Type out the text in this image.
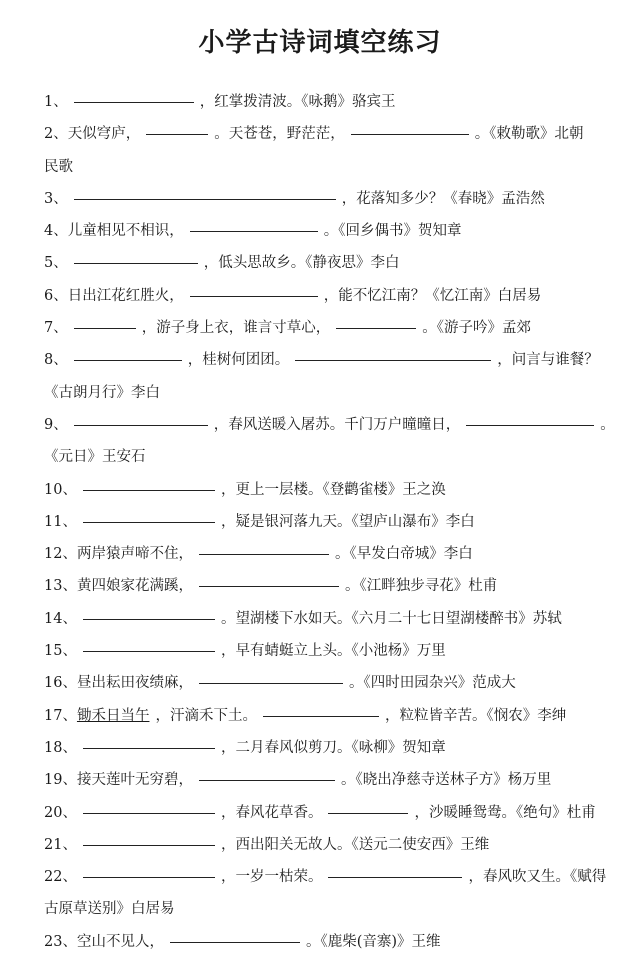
小学古诗词填空练习
1、	，红掌拨清波。《咏鹅》骆宾王
2、 天似穹庐，	。天苍苍，野茫茫，	。《敕勒歌》北朝
民歌
3、	，花落知多少？《春晓》孟浩然
4、 儿童相见不相识，	。《回乡偶书》贺知章
5、	，低头思故乡。《静夜思》李白
6、 日出江花红胜火，	，能不忆江南？《忆江南》白居易
7、	，游子身上衣，谁言寸草心，	。《游子吟》孟郊
8、	，桂树何团团。	，问言与谁餐？
《古朗月行》李白
9、	，春风送暖入屠苏。千门万户曈曈日，	。
《元日》王安石
10、	，更上一层楼。《登鹳雀楼》王之涣
11、	，疑是银河落九天。《望庐山瀑布》李白
12、 两岸猿声啼不住，	。《早发白帝城》李白
13、 黄四娘家花满蹊，	。《江畔独步寻花》杜甫
14、	。望湖楼下水如天。《六月二十七日望湖楼醉书》苏轼
15、	，早有蜻蜓立上头。《小池杨》万里
16、 昼出耘田夜绩麻，	。《四时田园杂兴》范成大
17、 锄禾日当午 ，汗滴禾下土。	，粒粒皆辛苦。《悯农》李绅
18、	，二月春风似剪刀。《咏柳》贺知章
19、 接天莲叶无穷碧，	。《晓出净慈寺送林子方》杨万里
20、	，春风花草香。	，沙暖睡鸳鸯。《绝句》杜甫
21、	，西出阳关无故人。《送元二使安西》王维
22、	，一岁一枯荣。	，春风吹又生。《赋得
古原草送别》白居易
23、 空山不见人，	。《鹿柴(音寨)》王维
